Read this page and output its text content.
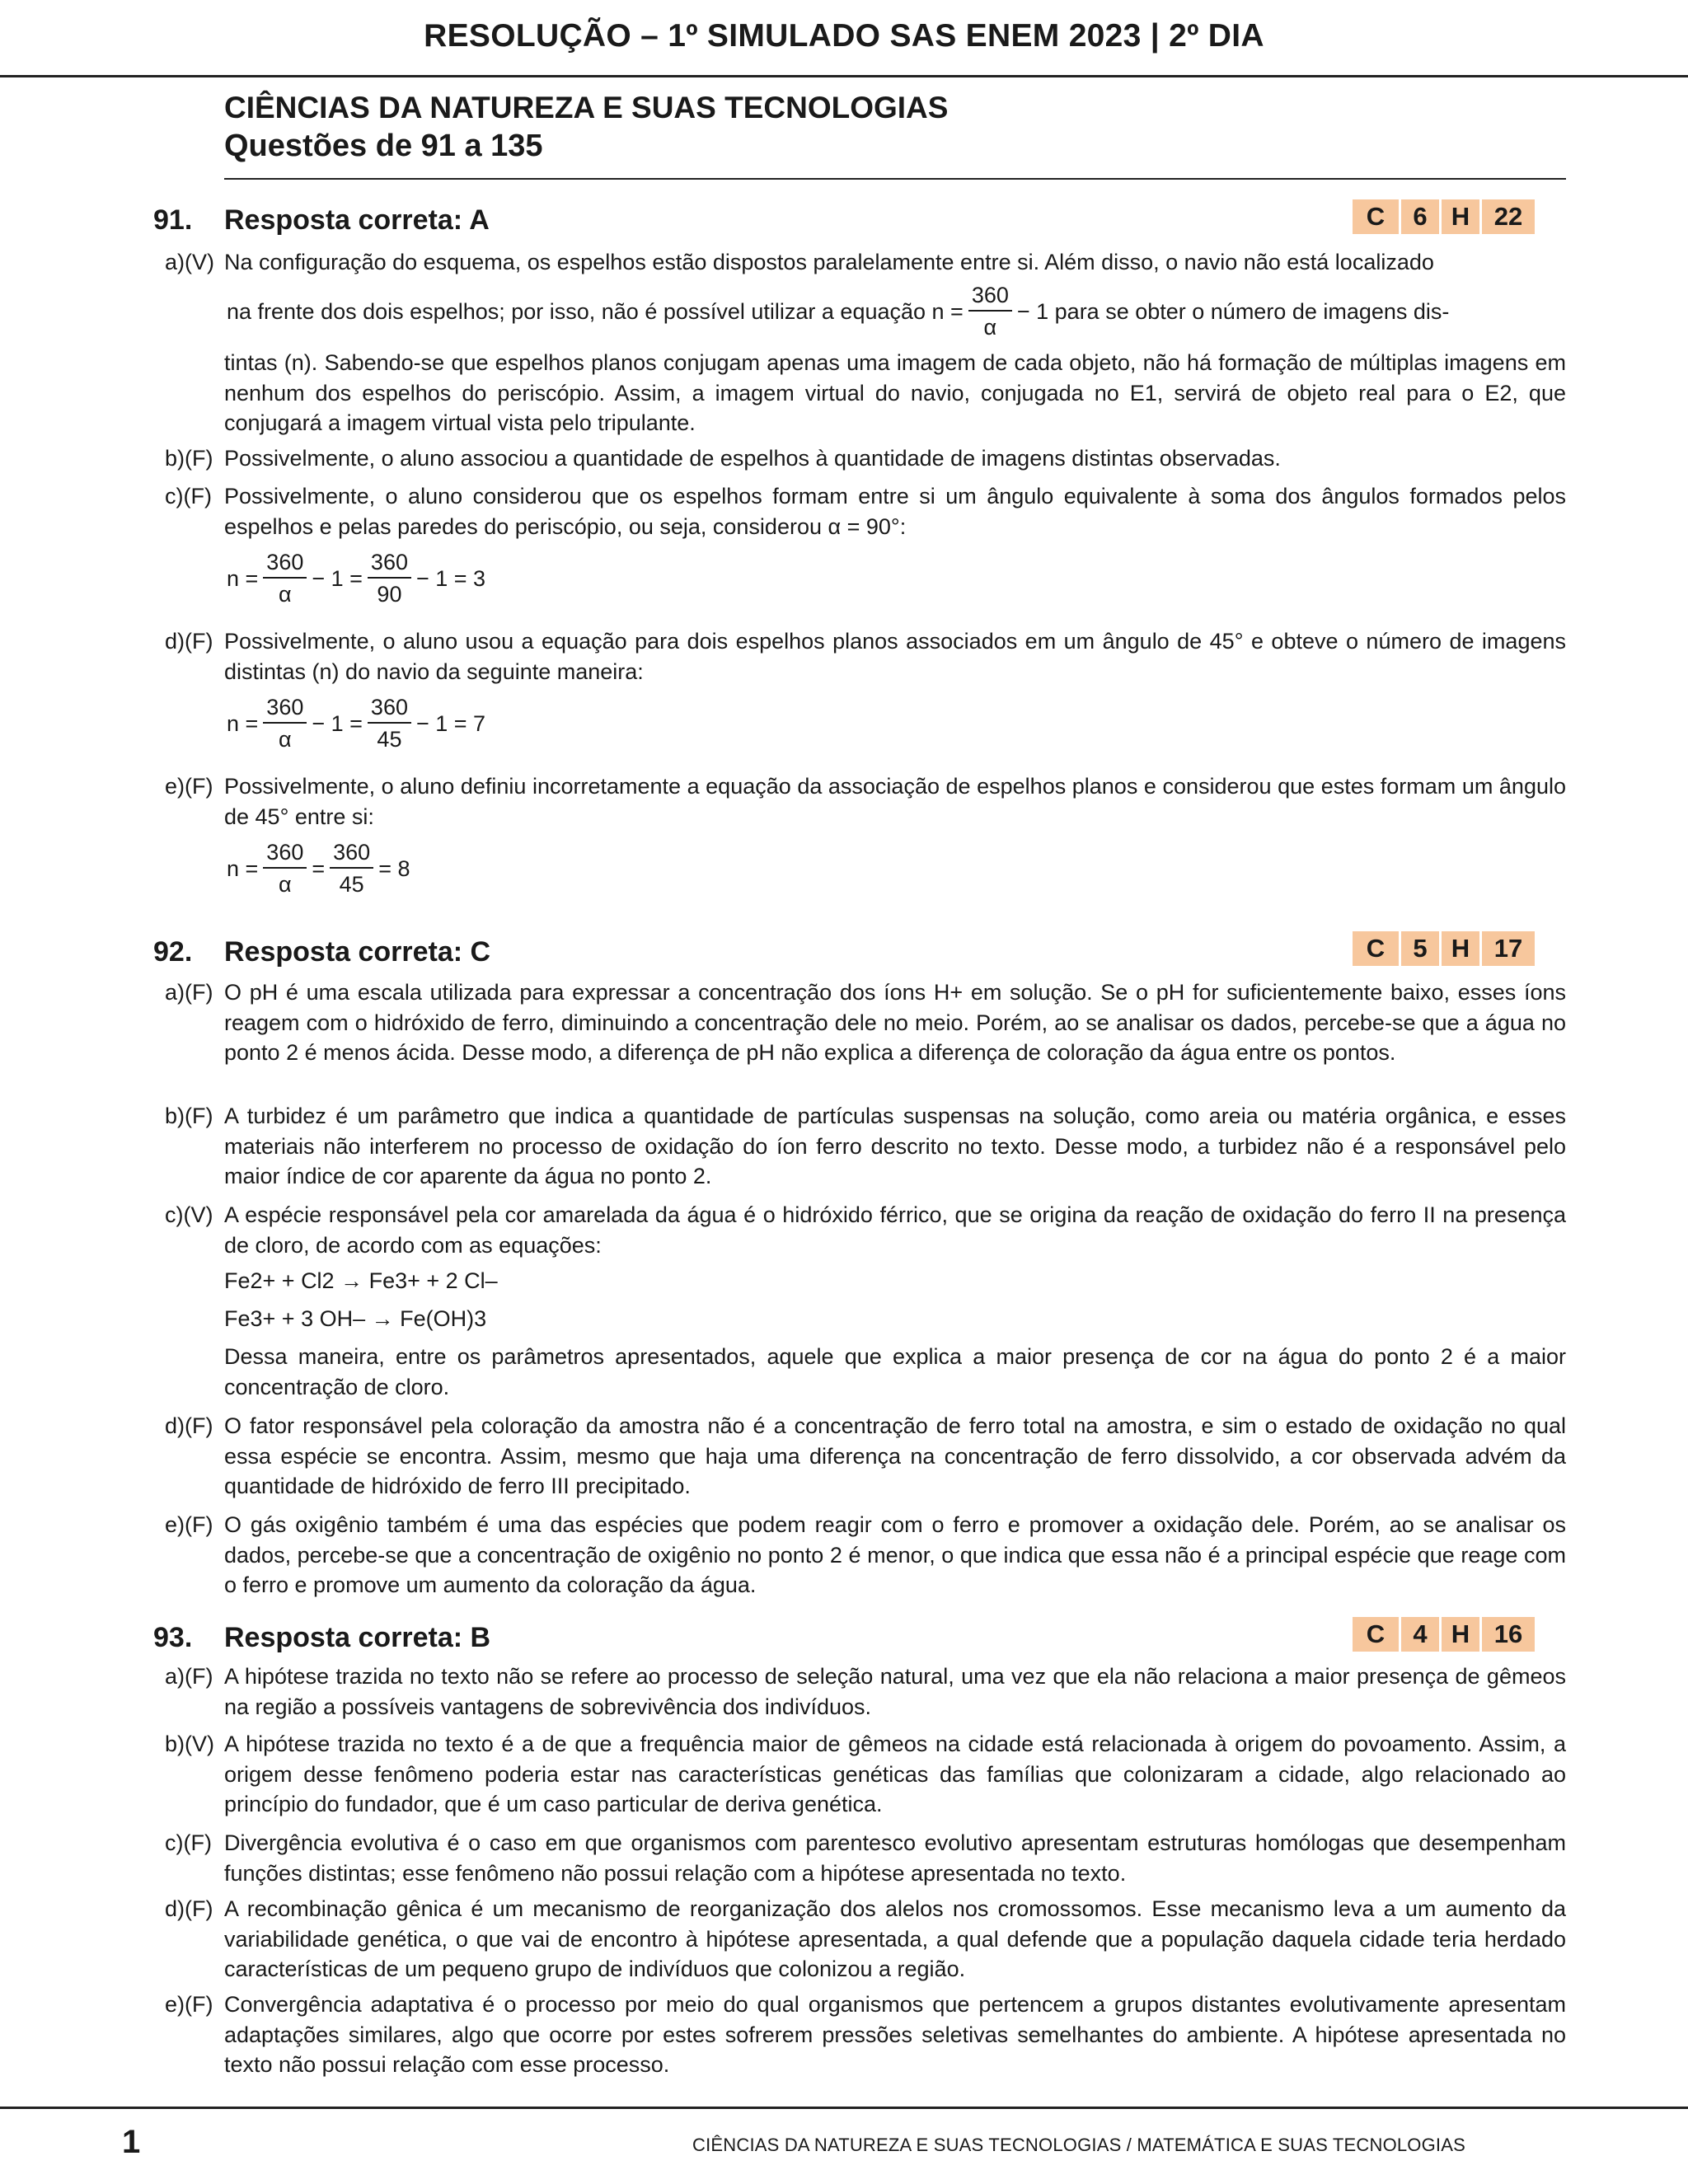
RESOLUÇÃO – 1º SIMULADO SAS ENEM 2023 | 2º DIA
CIÊNCIAS DA NATUREZA E SUAS TECNOLOGIAS
Questões de 91 a 135
91. Resposta correta: A	C	6 H 22
a)(V) Na configuração do esquema, os espelhos estão dispostos paralelamente entre si. Além disso, o navio não está localizado
na frente dos dois espelhos; por isso, não é possível utilizar a equação $n = \frac{360}{\alpha} - 1$ para se obter o número de imagens dis-
tintas (n). Sabendo-se que espelhos planos conjugam apenas uma imagem de cada objeto, não há formação de múltiplas imagens em nenhum dos espelhos do periscópio. Assim, a imagem virtual do navio, conjugada no E1, servirá de objeto real para o E2, que conjugará a imagem virtual vista pelo tripulante.
b)(F) Possivelmente, o aluno associou a quantidade de espelhos à quantidade de imagens distintas observadas.
c)(F) Possivelmente, o aluno considerou que os espelhos formam entre si um ângulo equivalente à soma dos ângulos formados pelos espelhos e pelas paredes do periscópio, ou seja, considerou α = 90°:
$n = \frac{360}{\alpha} - 1 = \frac{360}{90} - 1 = 3$
d)(F) Possivelmente, o aluno usou a equação para dois espelhos planos associados em um ângulo de 45° e obteve o número de imagens distintas (n) do navio da seguinte maneira:
$n = \frac{360}{\alpha} - 1 = \frac{360}{45} - 1 = 7$
e)(F) Possivelmente, o aluno definiu incorretamente a equação da associação de espelhos planos e considerou que estes formam um ângulo de 45° entre si:
$n = \frac{360}{\alpha} = \frac{360}{45} = 8$
92. Resposta correta: C	C	5 H 17
a)(F) O pH é uma escala utilizada para expressar a concentração dos íons H+ em solução. Se o pH for suficientemente baixo, esses íons reagem com o hidróxido de ferro, diminuindo a concentração dele no meio. Porém, ao se analisar os dados, percebe-se que a água no ponto 2 é menos ácida. Desse modo, a diferença de pH não explica a diferença de coloração da água entre os pontos.
b)(F) A turbidez é um parâmetro que indica a quantidade de partículas suspensas na solução, como areia ou matéria orgânica, e esses materiais não interferem no processo de oxidação do íon ferro descrito no texto. Desse modo, a turbidez não é a responsável pelo maior índice de cor aparente da água no ponto 2.
c)(V) A espécie responsável pela cor amarelada da água é o hidróxido férrico, que se origina da reação de oxidação do ferro II na presença de cloro, de acordo com as equações:
Fe2+ + Cl2 → Fe3+ + 2 Cl–
Fe3+ + 3 OH– → Fe(OH)3
Dessa maneira, entre os parâmetros apresentados, aquele que explica a maior presença de cor na água do ponto 2 é a maior concentração de cloro.
d)(F) O fator responsável pela coloração da amostra não é a concentração de ferro total na amostra, e sim o estado de oxidação no qual essa espécie se encontra. Assim, mesmo que haja uma diferença na concentração de ferro dissolvido, a cor observada advém da quantidade de hidróxido de ferro III precipitado.
e)(F) O gás oxigênio também é uma das espécies que podem reagir com o ferro e promover a oxidação dele. Porém, ao se analisar os dados, percebe-se que a concentração de oxigênio no ponto 2 é menor, o que indica que essa não é a principal espécie que reage com o ferro e promove um aumento da coloração da água.
93. Resposta correta: B	C	4 H 16
a)(F) A hipótese trazida no texto não se refere ao processo de seleção natural, uma vez que ela não relaciona a maior presença de gêmeos na região a possíveis vantagens de sobrevivência dos indivíduos.
b)(V) A hipótese trazida no texto é a de que a frequência maior de gêmeos na cidade está relacionada à origem do povoamento. Assim, a origem desse fenômeno poderia estar nas características genéticas das famílias que colonizaram a cidade, algo relacionado ao princípio do fundador, que é um caso particular de deriva genética.
c)(F) Divergência evolutiva é o caso em que organismos com parentesco evolutivo apresentam estruturas homólogas que desempenham funções distintas; esse fenômeno não possui relação com a hipótese apresentada no texto.
d)(F) A recombinação gênica é um mecanismo de reorganização dos alelos nos cromossomos. Esse mecanismo leva a um aumento da variabilidade genética, o que vai de encontro à hipótese apresentada, a qual defende que a população daquela cidade teria herdado características de um pequeno grupo de indivíduos que colonizou a região.
e)(F) Convergência adaptativa é o processo por meio do qual organismos que pertencem a grupos distantes evolutivamente apresentam adaptações similares, algo que ocorre por estes sofrerem pressões seletivas semelhantes do ambiente. A hipótese apresentada no texto não possui relação com esse processo.
1	CIÊNCIAS DA NATUREZA E SUAS TECNOLOGIAS / MATEMÁTICA E SUAS TECNOLOGIAS
